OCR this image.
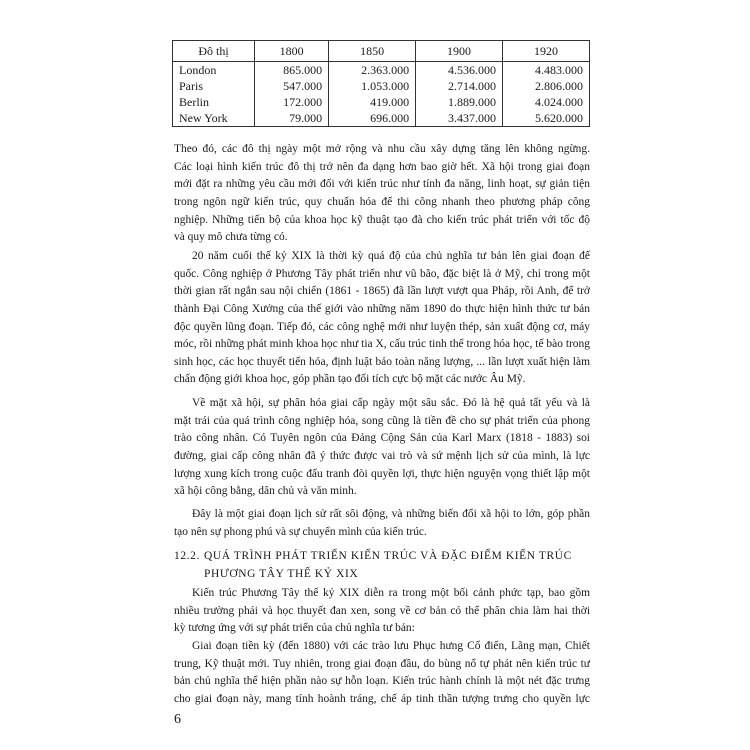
Đô thị	1800	1850	1900	1920
London	865.000	2.363.000	4.536.000	4.483.000
Paris	547.000	1.053.000	2.714.000	2.806.000
Berlin	172.000	419.000	1.889.000	4.024.000
New York	79.000	696.000	3.437.000	5.620.000
Theo đó, các đô thị ngày một mở rộng và nhu cầu xây dựng tăng lên không ngừng.
Các loại hình kiến trúc đô thị trở nên đa dạng hơn bao giờ hết. Xã hội trong giai đoạn
mới đặt ra những yêu cầu mới đối với kiến trúc như tính đa năng, linh hoạt, sự giản tiện
trong ngôn ngữ kiến trúc, quy chuẩn hóa để thi công nhanh theo phương pháp công
nghiệp. Những tiến bộ của khoa học kỹ thuật tạo đà cho kiến trúc phát triển với tốc độ
và quy mô chưa từng có.
20 năm cuối thế kỷ XIX là thời kỳ quá độ của chủ nghĩa tư bản lên giai đoạn đế
quốc. Công nghiệp ở Phương Tây phát triển như vũ bão, đặc biệt là ở Mỹ, chỉ trong một
thời gian rất ngắn sau nội chiến (1861 - 1865) đã lần lượt vượt qua Pháp, rồi Anh, để trở
thành Đại Công Xưởng của thế giới vào những năm 1890 do thực hiện hình thức tư bản
độc quyền lũng đoạn. Tiếp đó, các công nghệ mới như luyện thép, sản xuất động cơ, máy
móc, rồi những phát minh khoa học như tia X, cấu trúc tinh thể trong hóa học, tế bào trong
sinh học, các học thuyết tiến hóa, định luật bảo toàn năng lượng, ... lần lượt xuất hiện làm
chấn động giới khoa học, góp phần tạo đối tích cực bộ mặt các nước Âu Mỹ.
Về mặt xã hội, sự phân hóa giai cấp ngày một sâu sắc. Đó là hệ quả tất yếu và là
mặt trái của quá trình công nghiệp hóa, song cũng là tiền đề cho sự phát triển của phong
trào công nhân. Có Tuyên ngôn của Đảng Cộng Sản của Karl Marx (1818 - 1883) soi
đường, giai cấp công nhân đã ý thức được vai trò và sứ mệnh lịch sử của mình, là lực
lượng xung kích trong cuộc đấu tranh đòi quyền lợi, thực hiện nguyện vọng thiết lập một
xã hội công bằng, dân chủ và văn minh.
Đây là một giai đoạn lịch sử rất sôi động, và những biến đổi xã hội to lớn, góp phần
tạo nên sự phong phú và sự chuyển mình của kiến trúc.
12.2. QUÁ TRÌNH PHÁT TRIỂN KIẾN TRÚC VÀ ĐẶC ĐIỂM KIẾN TRÚC
PHƯƠNG TÂY THẾ KỶ XIX
Kiến trúc Phương Tây thế kỷ XIX diễn ra trong một bối cảnh phức tạp, bao gồm
nhiều trường phái và học thuyết đan xen, song về cơ bản có thể phân chia làm hai thời
kỳ tương ứng với sự phát triển của chủ nghĩa tư bản:
Giai đoạn tiền kỳ (đến 1880) với các trào lưu Phục hưng Cổ điển, Lãng mạn, Chiết
trung, Kỹ thuật mới. Tuy nhiên, trong giai đoạn đầu, do bùng nổ tự phát nên kiến trúc tư
bản chủ nghĩa thể hiện phần nào sự hỗn loạn. Kiến trúc hành chính là một nét đặc trưng
cho giai đoạn này, mang tính hoành tráng, chế áp tinh thần tượng trưng cho quyền lực
6
